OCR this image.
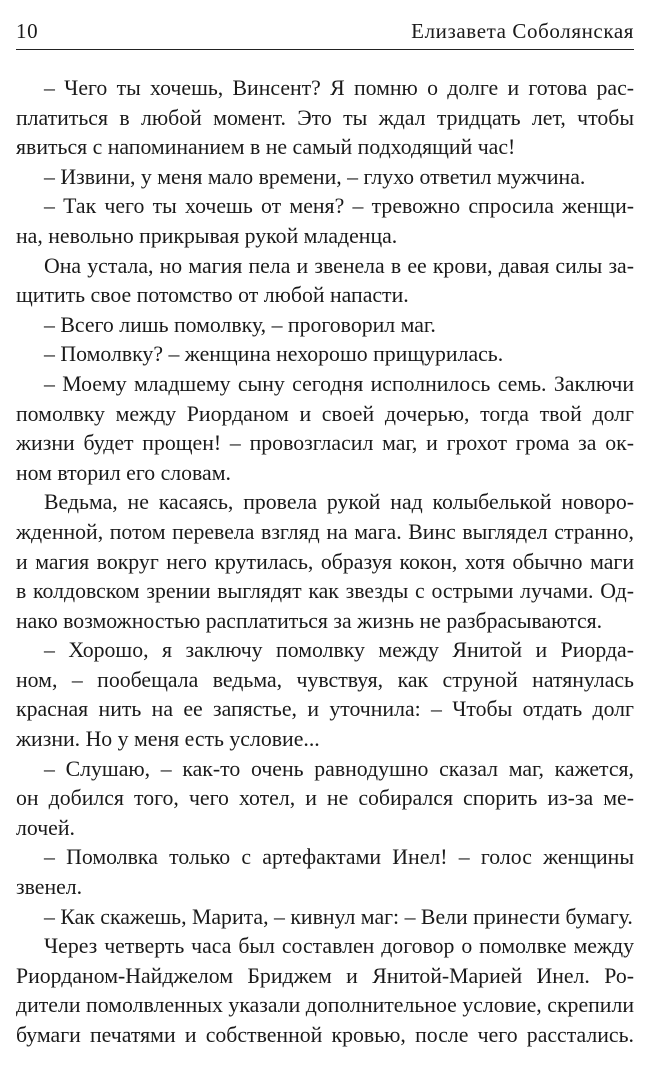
10	Елизавета Соболянская
– Чего ты хочешь, Винсент? Я помню о долге и готова рас-
платиться в любой момент. Это ты ждал тридцать лет, чтобы
явиться с напоминанием в не самый подходящий час!
– Извини, у меня мало времени, – глухо ответил мужчина.
– Так чего ты хочешь от меня? – тревожно спросила женщи-
на, невольно прикрывая рукой младенца.
Она устала, но магия пела и звенела в ее крови, давая силы за-
щитить свое потомство от любой напасти.
– Всего лишь помолвку, – проговорил маг.
– Помолвку? – женщина нехорошо прищурилась.
– Моему младшему сыну сегодня исполнилось семь. Заключи
помолвку между Риорданом и своей дочерью, тогда твой долг
жизни будет прощен! – провозгласил маг, и грохот грома за ок-
ном вторил его словам.
Ведьма, не касаясь, провела рукой над колыбелькой новоро-
жденной, потом перевела взгляд на мага. Винс выглядел странно,
и магия вокруг него крутилась, образуя кокон, хотя обычно маги
в колдовском зрении выглядят как звезды с острыми лучами. Од-
нако возможностью расплатиться за жизнь не разбрасываются.
– Хорошо, я заключу помолвку между Янитой и Риорда-
ном, – пообещала ведьма, чувствуя, как струной натянулась
красная нить на ее запястье, и уточнила: – Чтобы отдать долг
жизни. Но у меня есть условие...
– Слушаю, – как-то очень равнодушно сказал маг, кажется,
он добился того, чего хотел, и не собирался спорить из-за ме-
лочей.
– Помолвка только с артефактами Инел! – голос женщины
звенел.
– Как скажешь, Марита, – кивнул маг: – Вели принести бумагу.
Через четверть часа был составлен договор о помолвке между
Риорданом-Найджелом Бриджем и Янитой-Марией Инел. Ро-
дители помолвленных указали дополнительное условие, скрепили
бумаги печатями и собственной кровью, после чего расстались.
